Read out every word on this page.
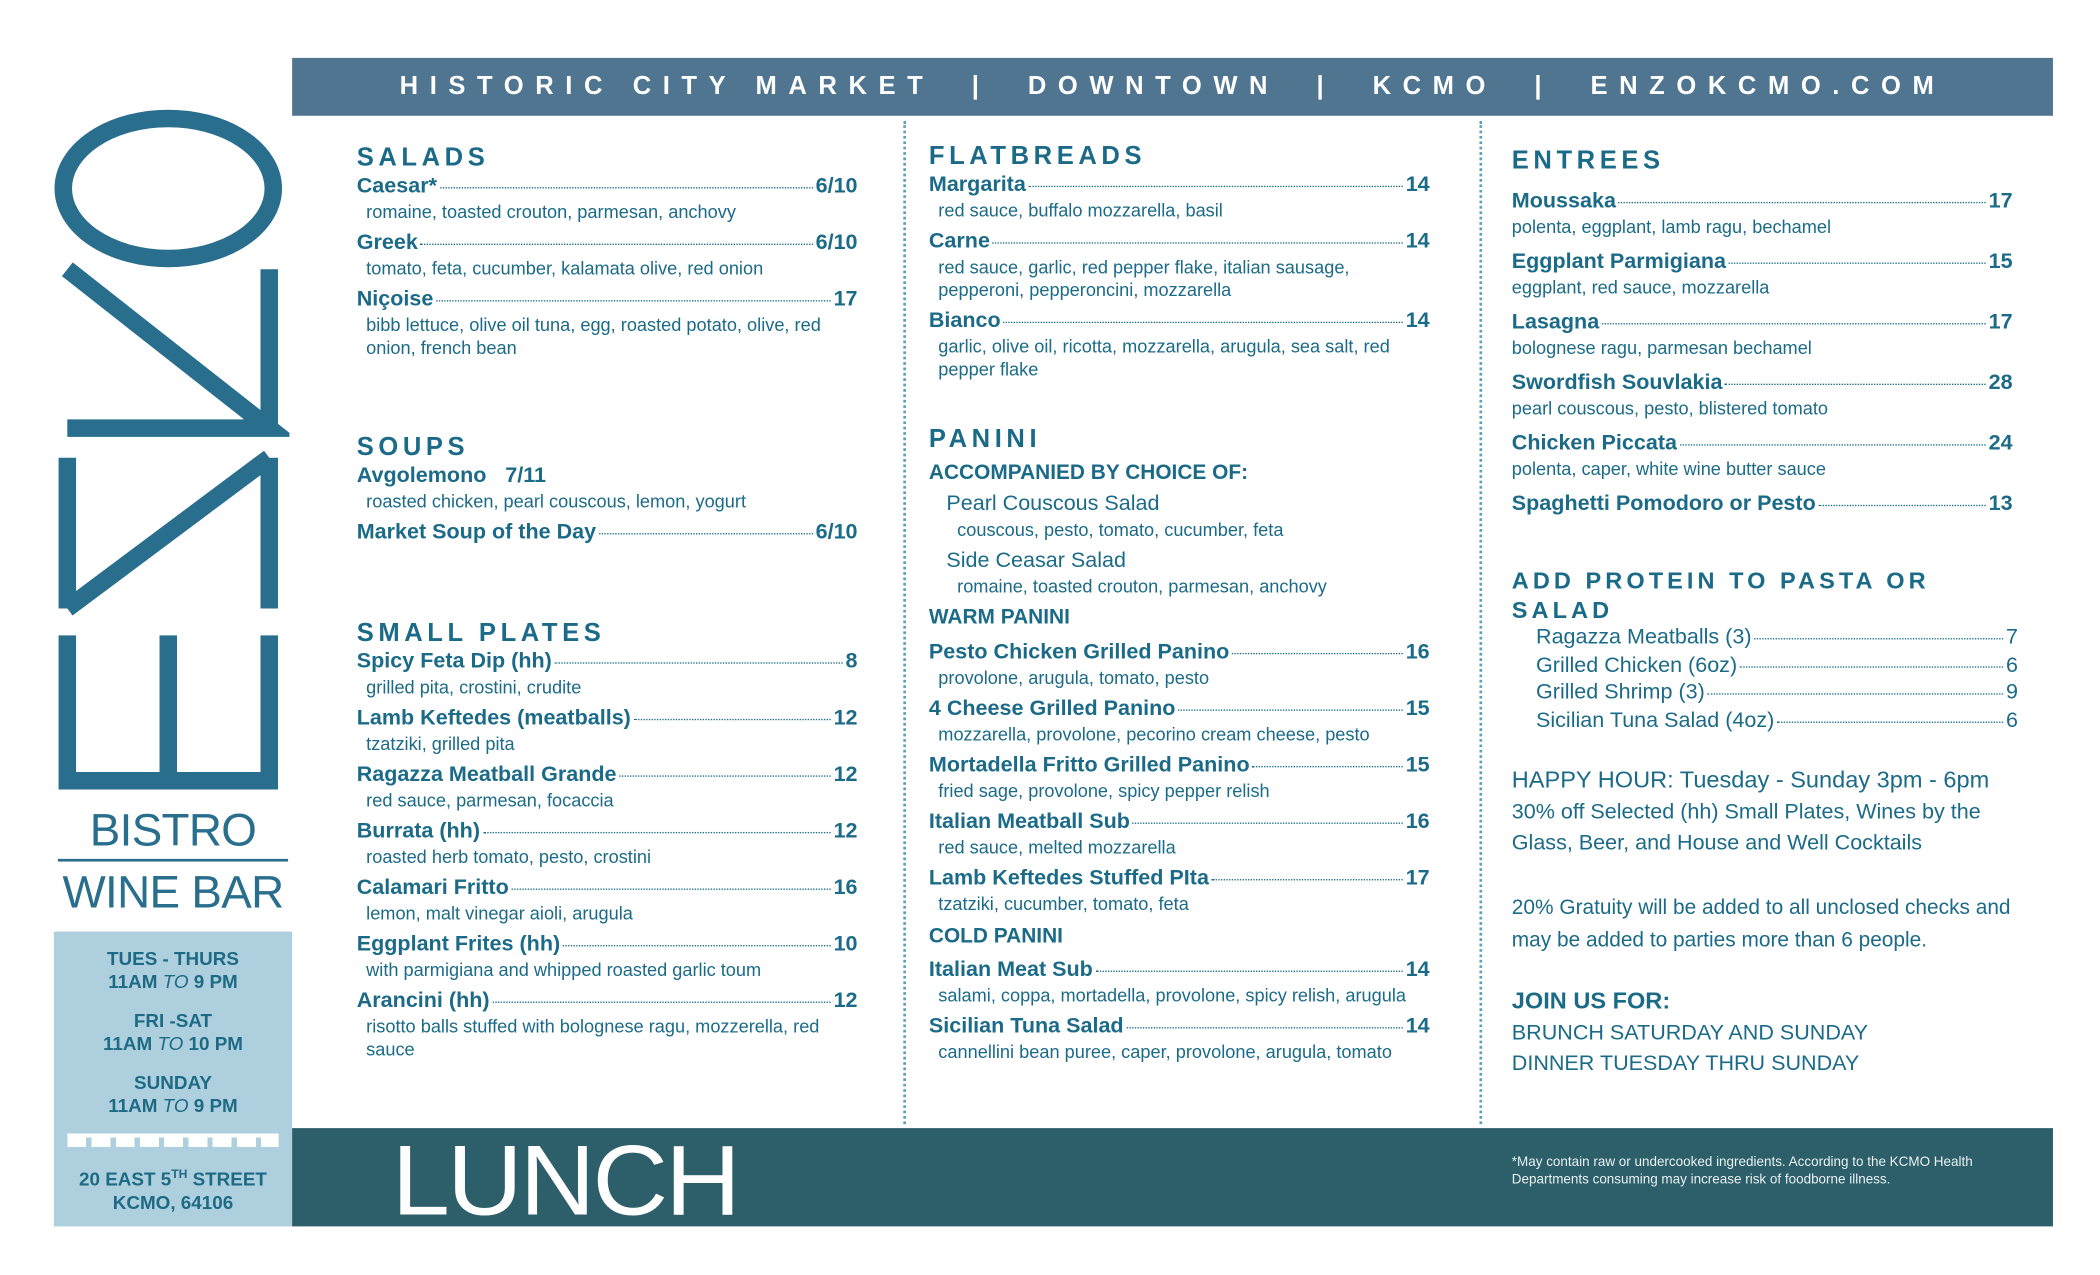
HISTORIC CITY MARKET  |  DOWNTOWN  |  KCMO  |  ENZOKCMO.COM
BISTRO
WINE BAR
TUES - THURS
11AM TO 9 PM
FRI -SAT
11AM TO 10 PM
SUNDAY
11AM TO 9 PM
20 EAST 5TH STREET
KCMO, 64106	LUNCH	*May contain raw or undercooked ingredients. According to the KCMO Health Departments consuming may increase risk of foodborne illness.
SALADS
Caesar*	6/10
romaine, toasted crouton, parmesan, anchovy
Greek	6/10
tomato, feta, cucumber, kalamata olive, red onion
Niçoise	17
bibb lettuce, olive oil tuna, egg, roasted potato, olive, red onion, french bean
SOUPS
Avgolemono 7/11
roasted chicken, pearl couscous, lemon, yogurt
Market Soup of the Day	6/10
SMALL PLATES
Spicy Feta Dip (hh)	8
grilled pita, crostini, crudite
Lamb Keftedes (meatballs)	12
tzatziki, grilled pita
Ragazza Meatball Grande	12
red sauce, parmesan, focaccia
Burrata (hh)	12
roasted herb tomato, pesto, crostini
Calamari Fritto	16
lemon, malt vinegar aioli, arugula
Eggplant Frites (hh)	10
with parmigiana and whipped roasted garlic toum
Arancini (hh)	12
risotto balls stuffed with bolognese ragu, mozzerella, red sauce
FLATBREADS
Margarita	14
red sauce, buffalo mozzarella, basil
Carne	14
red sauce, garlic, red pepper flake, italian sausage, pepperoni, pepperoncini, mozzarella
Bianco	14
garlic, olive oil, ricotta, mozzarella, arugula, sea salt, red pepper flake
PANINI
ACCOMPANIED BY CHOICE OF:
Pearl Couscous Salad
couscous, pesto, tomato, cucumber, feta
Side Ceasar Salad
romaine, toasted crouton, parmesan, anchovy
WARM PANINI
Pesto Chicken Grilled Panino	16
provolone, arugula, tomato, pesto
4 Cheese Grilled Panino	15
mozzarella, provolone, pecorino cream cheese, pesto
Mortadella Fritto Grilled Panino	15
fried sage, provolone, spicy pepper relish
Italian Meatball Sub	16
red sauce, melted mozzarella
Lamb Keftedes Stuffed PIta	17
tzatziki, cucumber, tomato, feta
COLD PANINI
Italian Meat Sub	14
salami, coppa, mortadella, provolone, spicy relish, arugula
Sicilian Tuna Salad	14
cannellini bean puree, caper, provolone, arugula, tomato
ENTREES
Moussaka	17
polenta, eggplant, lamb ragu, bechamel
Eggplant Parmigiana	15
eggplant, red sauce, mozzarella
Lasagna	17
bolognese ragu, parmesan bechamel
Swordfish Souvlakia	28
pearl couscous, pesto, blistered tomato
Chicken Piccata	24
polenta, caper, white wine butter sauce
Spaghetti Pomodoro or Pesto	13
ADD PROTEIN TO PASTA OR SALAD
Ragazza Meatballs (3)	7
Grilled Chicken (6oz)	6
Grilled Shrimp (3)	9
Sicilian Tuna Salad (4oz)	6
HAPPY HOUR: Tuesday - Sunday 3pm - 6pm
30% off Selected (hh) Small Plates, Wines by the Glass, Beer, and House and Well Cocktails
20% Gratuity will be added to all unclosed checks and may be added to parties more than 6 people.
JOIN US FOR:
BRUNCH SATURDAY AND SUNDAY
DINNER TUESDAY THRU SUNDAY
